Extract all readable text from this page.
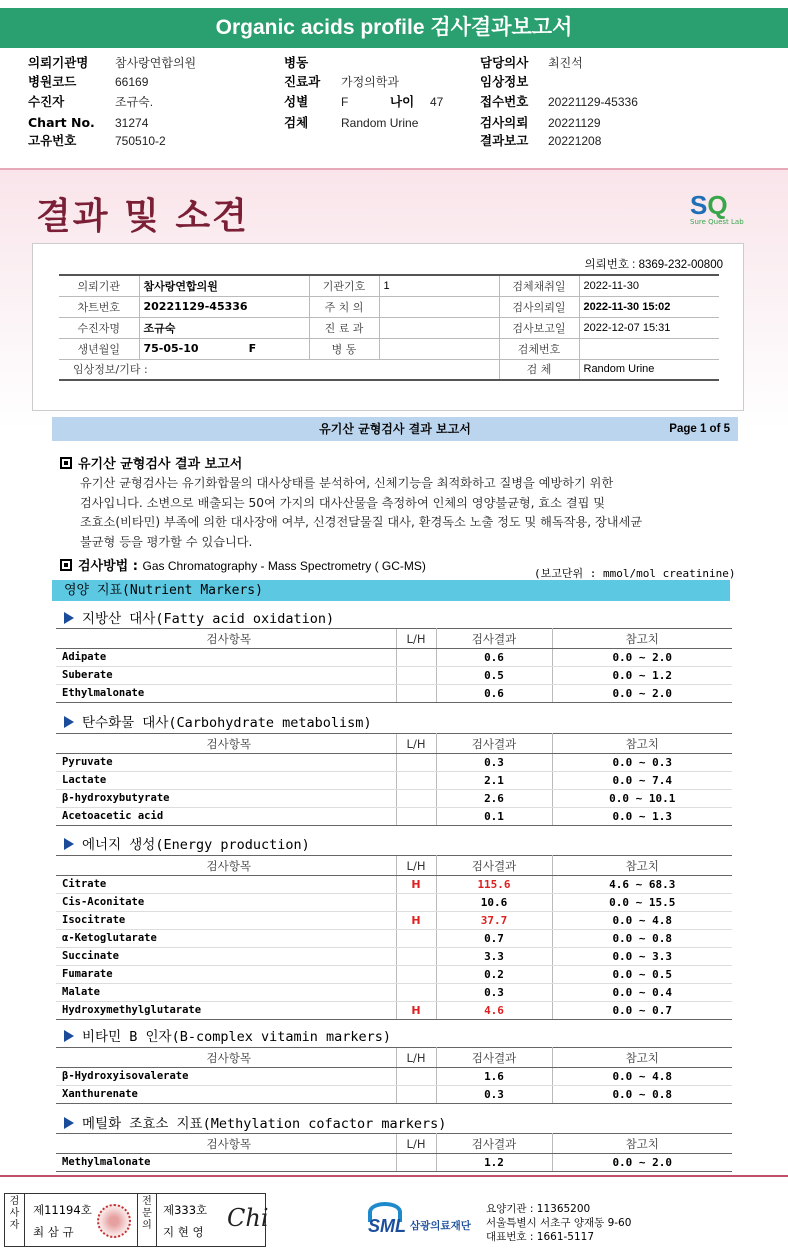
Organic acids profile 검사결과보고서
의뢰기관명 참사랑연합의원	병동	담당의사 최진석
병원코드	66169	진료과 가정의학과	임상정보
수진자	조규숙.	성별	F	나이 47	접수번호 20221129-45336
Chart No. 31274	검체	Random Urine	검사의뢰 20221129
고유번호	750510-2	결과보고 20221208
결과 및 소견	SQ
Sure Quest Lab
의뢰번호 : 8369-232-00800
의뢰기관	참사랑연합의원	기관기호	1	검체채취일	2022-11-30
차트번호	20221129-45336	주 치 의		검사의뢰일	2022-11-30 15:02
수진자명	조규숙	진 료 과		검사보고일	2022-12-07 15:31
생년월일	75-05-10 F	병 동		검체번호	
임상정보/기타 :				검 체	Random Urine
유기산 균형검사 결과 보고서	Page 1 of 5
유기산 균형검사 결과 보고서
유기산 균형검사는 유기화합물의 대사상태를 분석하여, 신체기능을 최적화하고 질병을 예방하기 위한
검사입니다. 소변으로 배출되는 50여 가지의 대사산물을 측정하여 인체의 영양불균형, 효소 결핍 및
조효소(비타민) 부족에 의한 대사장애 여부, 신경전달물질 대사, 환경독소 노출 정도 및 해독작용, 장내세균
불균형 등을 평가할 수 있습니다.
검사방법 : Gas Chromatography - Mass Spectrometry ( GC-MS)
(보고단위 : mmol/mol creatinine)
영양 지표(Nutrient Markers)
지방산 대사(Fatty acid oxidation)
검사항목	L/H	검사결과	참고치
Adipate		0.6	0.0 ~ 2.0
Suberate		0.5	0.0 ~ 1.2
Ethylmalonate		0.6	0.0 ~ 2.0
탄수화물 대사(Carbohydrate metabolism)
검사항목	L/H	검사결과	참고치
Pyruvate		0.3	0.0 ~ 0.3
Lactate		2.1	0.0 ~ 7.4
β-hydroxybutyrate		2.6	0.0 ~ 10.1
Acetoacetic acid		0.1	0.0 ~ 1.3
에너지 생성(Energy production)
검사항목	L/H	검사결과	참고치
Citrate	H	115.6	4.6 ~ 68.3
Cis-Aconitate		10.6	0.0 ~ 15.5
Isocitrate	H	37.7	0.0 ~ 4.8
α-Ketoglutarate		0.7	0.0 ~ 0.8
Succinate		3.3	0.0 ~ 3.3
Fumarate		0.2	0.0 ~ 0.5
Malate		0.3	0.0 ~ 0.4
Hydroxymethylglutarate	H	4.6	0.0 ~ 0.7
비타민 B 인자(B-complex vitamin markers)
검사항목	L/H	검사결과	참고치
β-Hydroxyisovalerate		1.6	0.0 ~ 4.8
Xanthurenate		0.3	0.0 ~ 0.8
메틸화 조효소 지표(Methylation cofactor markers)
검사항목	L/H	검사결과	참고치
Methylmalonate		1.2	0.0 ~ 2.0
검사자
제11194호
최 삼 규
전문의
제333호
지 현 영 Chi	SML 삼광의료재단
요양기관 : 11365200
서울특별시 서초구 양재동 9-60
대표번호 : 1661-5117
